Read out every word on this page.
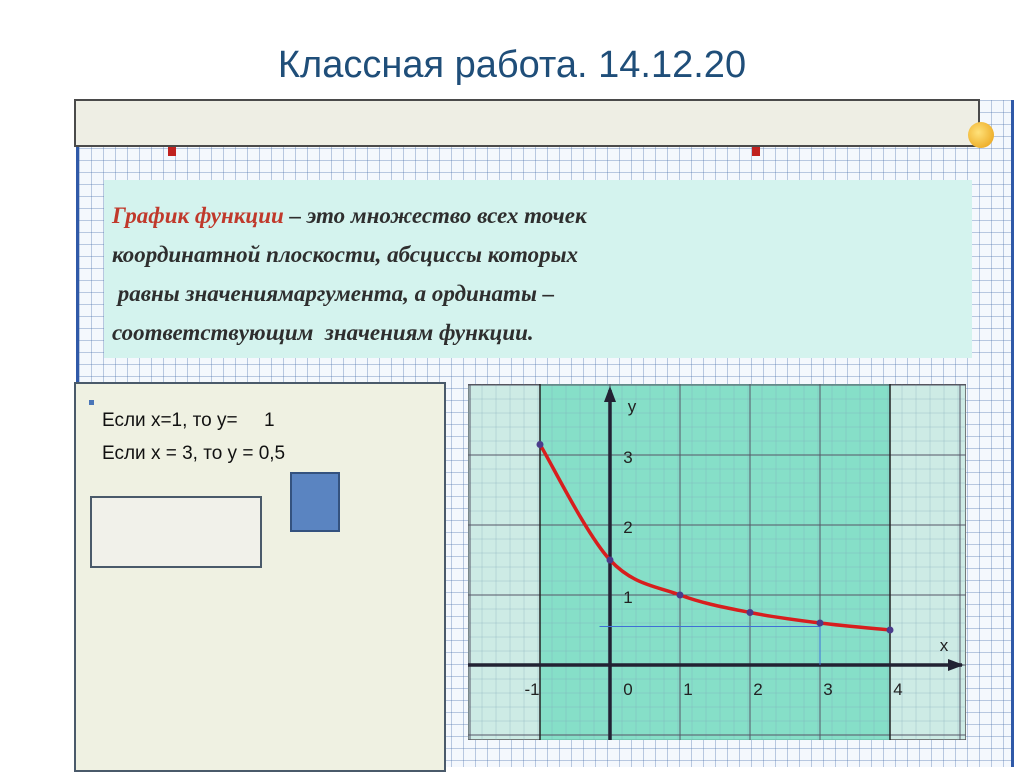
Классная работа. 14.12.20

График функции – это множество всех точек
координатной плоскости, абсциссы которых
равны значениямаргумента, а ординаты –
соответствующим  значениям функции.

Если х=1, то у=     1
Если х = 3, то у = 0,5
-1	0	1	2	3	4
1
2
3
x
y
